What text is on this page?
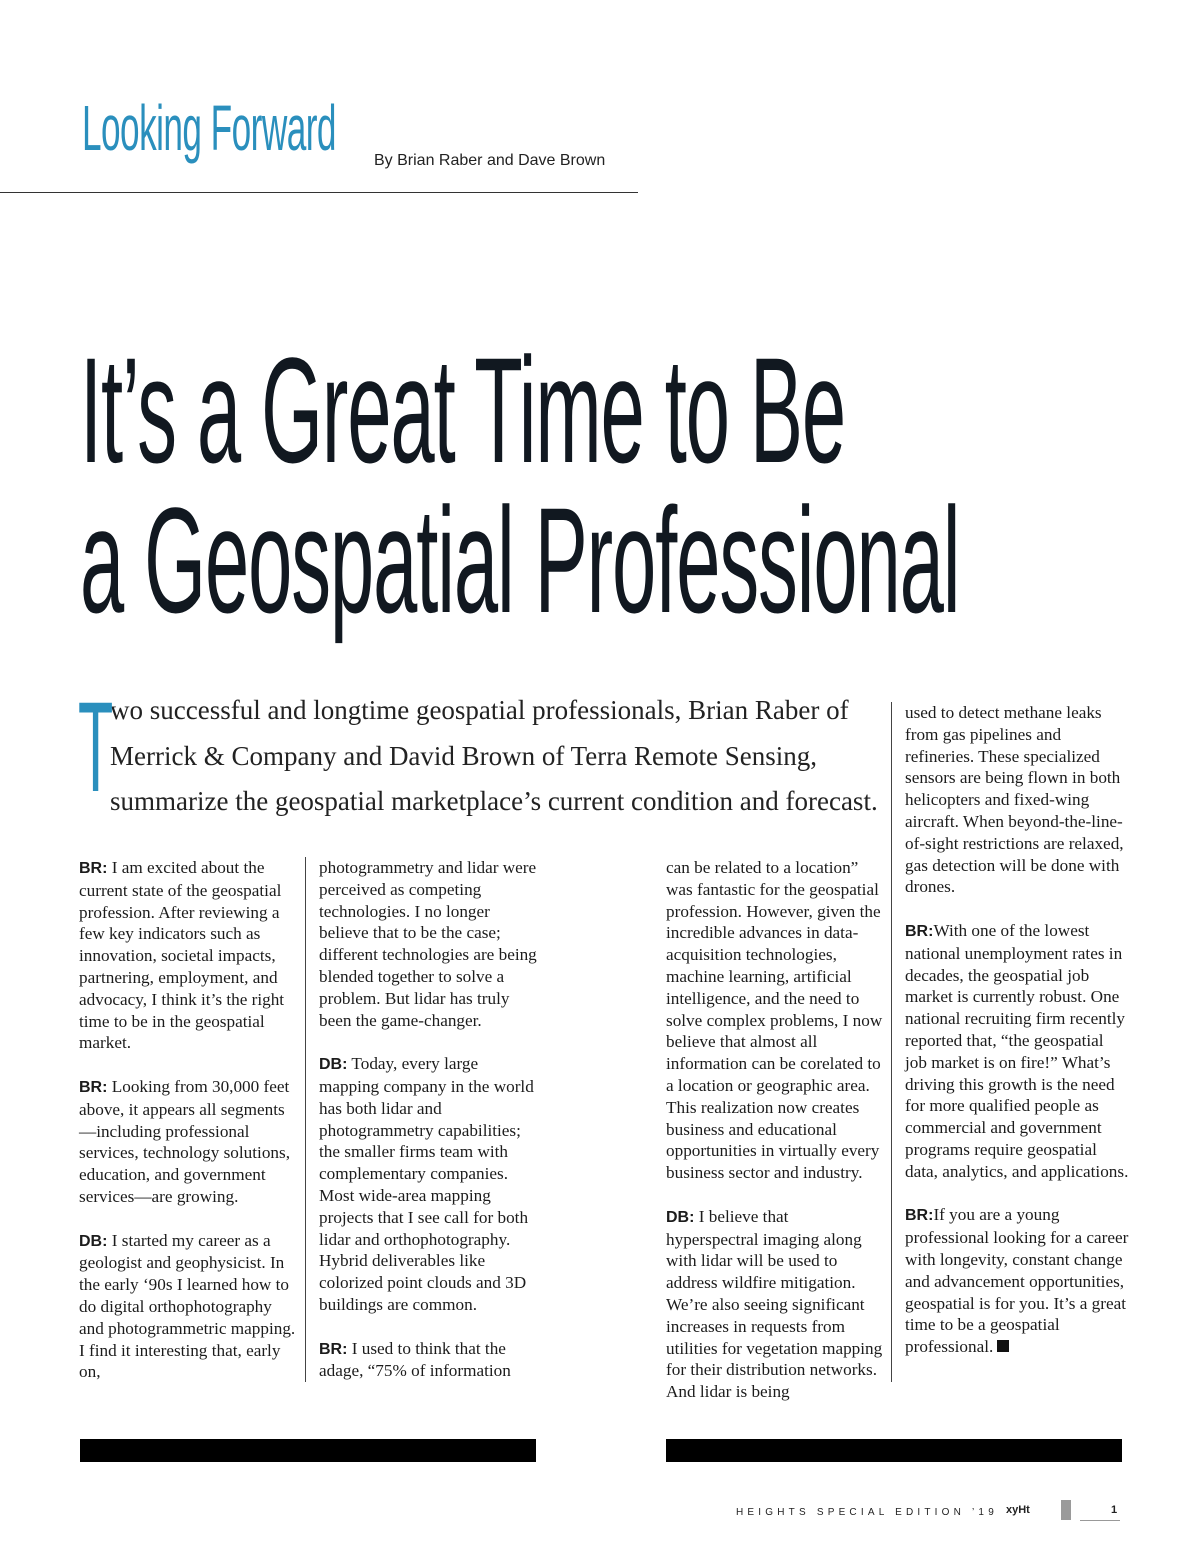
Looking Forward By Brian Raber and Dave Brown
It’s a Great Time to Be
a Geospatial Professional
T
wo successful and longtime geospatial professionals, Brian Raber of Merrick & Company and David Brown of Terra Remote Sensing, summarize the geospatial marketplace’s current condition and forecast.

BR: I am excited about the current state of the geospatial profession. After reviewing a few key indicators such as innovation, societal impacts, partnering, employment, and advocacy, I think it’s the right time to be in the geospatial market.

BR: Looking from 30,000 feet above, it appears all segments—including professional services, technology solutions, education, and government services—are growing.

DB: I started my career as a geologist and geophysicist. In the early ‘90s I learned how to do digital orthophotography and photogrammetric mapping. I find it interesting that, early on,

photogrammetry and lidar were perceived as competing technologies. I no longer believe that to be the case; different technologies are being blended together to solve a problem. But lidar has truly been the game-changer.

DB: Today, every large mapping company in the world has both lidar and photogrammetry capabilities; the smaller firms team with complementary companies. Most wide-area mapping projects that I see call for both lidar and orthophotography. Hybrid deliverables like colorized point clouds and 3D buildings are common.

BR: I used to think that the adage, “75% of information

can be related to a location” was fantastic for the geospatial profession. However, given the incredible advances in data-acquisition technologies, machine learning, artificial intelligence, and the need to solve complex problems, I now believe that almost all information can be corelated to a location or geographic area. This realization now creates business and educational opportunities in virtually every business sector and industry.

DB: I believe that hyperspectral imaging along with lidar will be used to address wildfire mitigation. We’re also seeing significant increases in requests from utilities for vegetation mapping for their distribution networks. And lidar is being

used to detect methane leaks from gas pipelines and refineries. These specialized sensors are being flown in both helicopters and fixed-wing aircraft. When beyond-the-line-of-sight restrictions are relaxed, gas detection will be done with drones.

BR:With one of the lowest national unemployment rates in decades, the geospatial job market is currently robust. One national recruiting firm recently reported that, “the geospatial job market is on fire!” What’s driving this growth is the need for more qualified people as commercial and government programs require geospatial data, analytics, and applications.

BR:If you are a young professional looking for a career with longevity, constant change and advancement opportunities, geospatial is for you. It’s a great time to be a geospatial professional.

HEIGHTS SPECIAL EDITION ’19 xyHt	1
